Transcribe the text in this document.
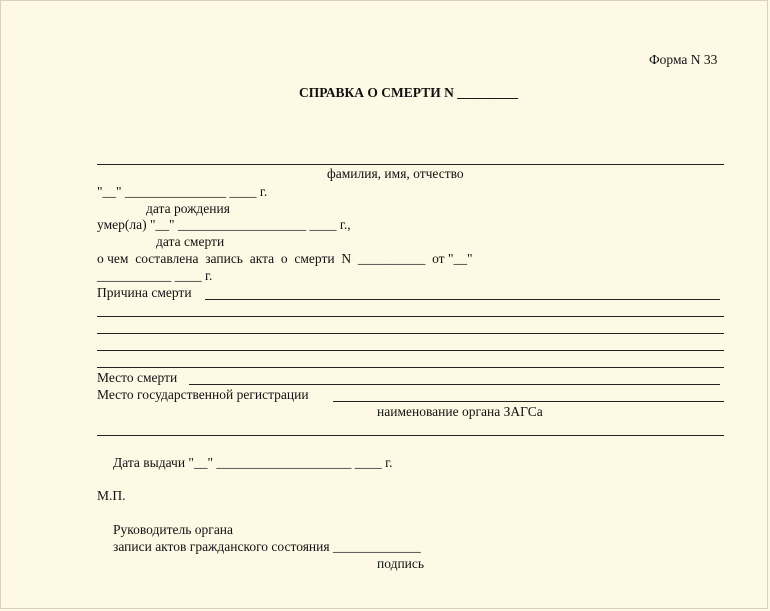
Форма N 33
СПРАВКА О СМЕРТИ N _________
фамилия, имя, отчество
"__" _______________ ____ г.
дата рождения
умер(ла) "__" ___________________ ____ г.,
дата смерти
о чем  составлена  запись  акта  о  смерти  N  __________  от "__"
___________ ____ г.
Причина смерти
Место смерти
Место государственной регистрации
наименование органа ЗАГСа
Дата выдачи "__" ____________________ ____ г.
М.П.
Руководитель органа
записи актов гражданского состояния _____________
подпись
